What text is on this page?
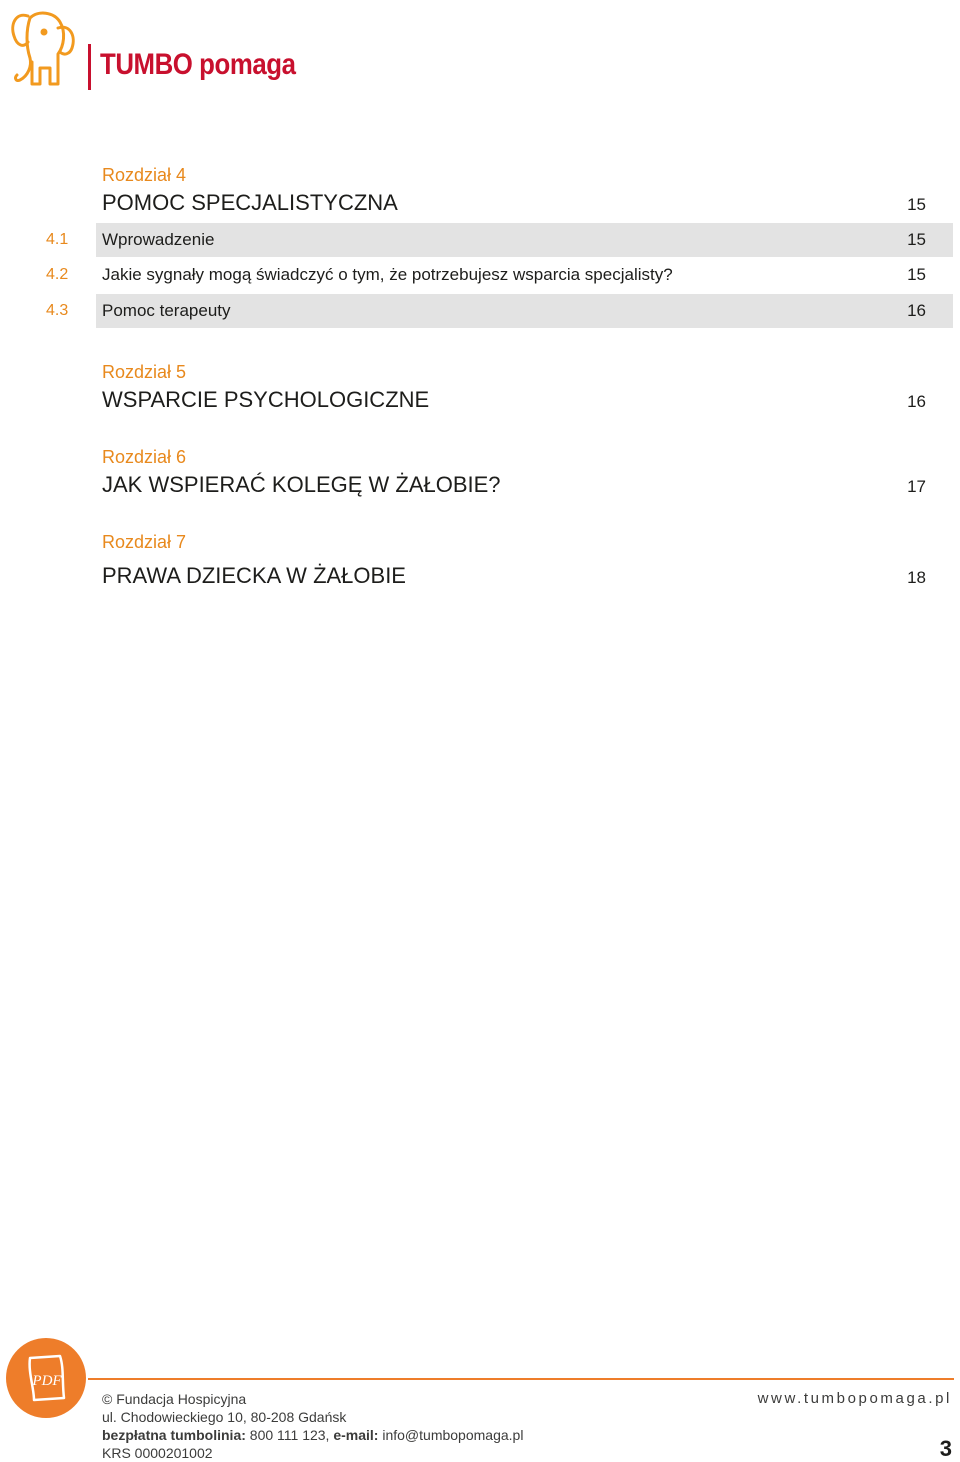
TUMBO pomaga
Rozdział 4
POMOC SPECJALISTYCZNA	15
4.1 Wprowadzenie	15
4.2 Jakie sygnały mogą świadczyć o tym, że potrzebujesz wsparcia specjalisty?	15
4.3 Pomoc terapeuty	16
Rozdział 5
WSPARCIE PSYCHOLOGICZNE	16
Rozdział 6
JAK WSPIERAĆ KOLEGĘ W ŻAŁOBIE?	17
Rozdział 7
PRAWA DZIECKA W ŻAŁOBIE	18
PDF
© Fundacja Hospicyjna
ul. Chodowieckiego 10, 80-208 Gdańsk
bezpłatna tumbolinia: 800 111 123, e-mail: info@tumbopomaga.pl
KRS 0000201002
www.tumbopomaga.pl
3
